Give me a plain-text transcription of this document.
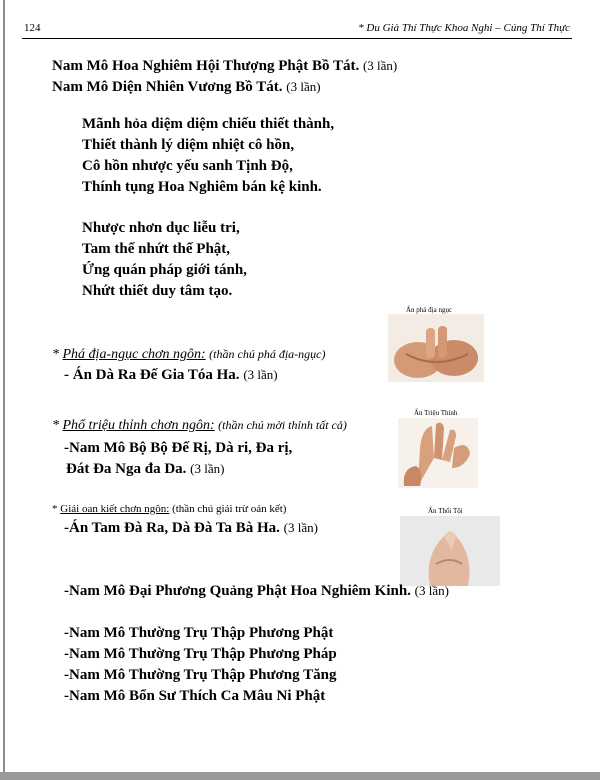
124	* Du Già Thí Thực Khoa Nghi – Cúng Thí Thực
Nam Mô Hoa Nghiêm Hội Thượng Phật Bồ Tát. (3 lần)
Nam Mô Diện Nhiên Vương Bồ Tát. (3 lần)
Mãnh hỏa diệm diệm chiếu thiết thành,
Thiết thành lý diệm nhiệt cô hồn,
Cô hồn nhược yếu sanh Tịnh Độ,
Thính tụng Hoa Nghiêm bán kệ kinh.
Nhược nhơn dục liễu tri,
Tam thế nhứt thế Phật,
Ứng quán pháp giới tánh,
Nhứt thiết duy tâm tạo.
Ấn phá địa ngục
* Phá địa-ngục chơn ngôn: (thần chú phá địa-ngục)
- Án Dà Ra Đế Gia Tóa Ha. (3 lần)
Ấn Triệu Thỉnh
* Phổ triệu thỉnh chơn ngôn: (thần chú mời thỉnh tất cả)
-Nam Mô Bộ Bộ Đế Rị, Dà ri, Đa rị,
Đát Đa Nga đa Da. (3 lần)
Ấn Thối Tội
* Giải oan kiết chơn ngôn: (thần chú giải trừ oán kết)
-Án Tam Đà Ra, Dà Đà Ta Bà Ha. (3 lần)
-Nam Mô Đại Phương Quảng Phật Hoa Nghiêm Kinh. (3 lần)
-Nam Mô Thường Trụ Thập Phương Phật
-Nam Mô Thường Trụ Thập Phương Pháp
-Nam Mô Thường Trụ Thập Phương Tăng
-Nam Mô Bổn Sư Thích Ca Mâu Ni Phật
